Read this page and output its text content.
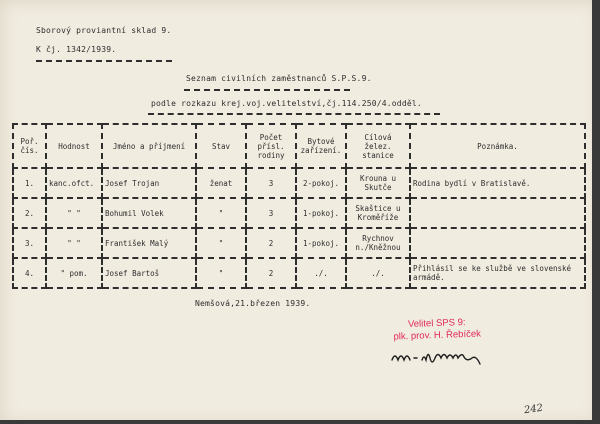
Sborový proviantní sklad 9.
K čj. 1342/1939.
Seznam civilních zaměstnanců S.P.S.9.
podle rozkazu krej.voj.velitelství,čj.114.250/4.odděl.
Poř. čís.	Hodnost	Jméno a příjmení	Stav	Počet přísl. rodiny	Bytové zařízení.	Cílová želez. stanice	Poznámka.
1.	kanc.ofct.	Josef Trojan	ženat	3	2-pokoj.	Krouna u Skutče	Rodina bydlí v Bratislavě.
2.	" "	Bohumil Volek	"	3	1-pokoj.	Skaštice u Kroměříže	
3.	" "	František Malý	"	2	1-pokoj.	Rychnov n./Kněžnou	
4.	" pom.	Josef Bartoš	"	2	./.	./.	Přihlásil se ke službě ve slovenské armádě.
Nemšová,21.březen 1939.
Velitel SPS 9:
plk. prov. H. Řebíček
242
